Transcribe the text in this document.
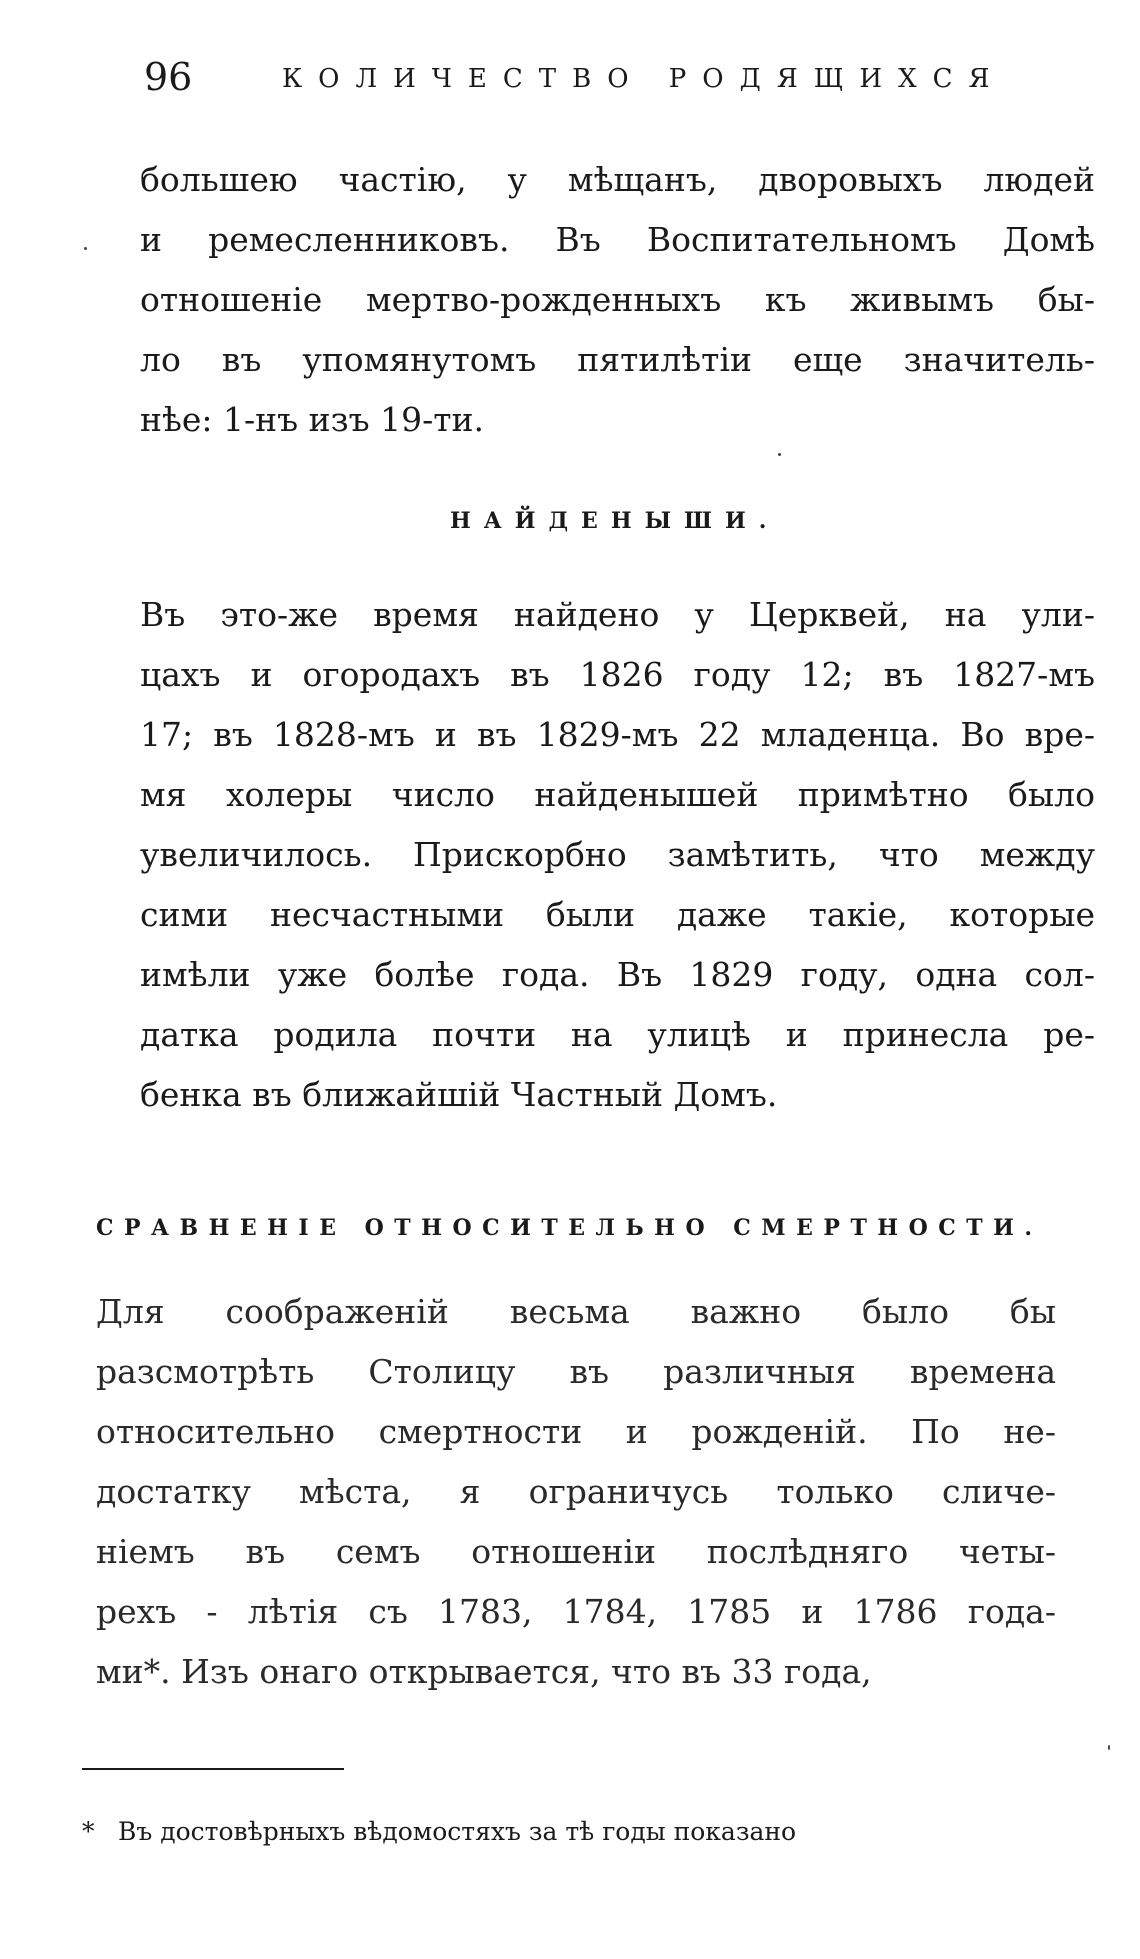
96	КОЛИЧЕСТВО РОДЯЩИХСЯ

большею частію, у мѣщанъ, дворовыхъ людей
и ремесленниковъ. Въ Воспитательномъ Домѣ
отношеніе мертво-рожденныхъ къ живымъ бы-
ло въ упомянутомъ пятилѣтіи еще значитель-
нѣе: 1-нъ изъ 19-ти.

НАЙДЕНЫШИ.

Въ это-же время найдено у Церквей, на ули-
цахъ и огородахъ въ 1826 году 12; въ 1827-мъ
17; въ 1828-мъ и въ 1829-мъ 22 младенца. Во вре-
мя холеры число найденышей примѣтно было
увеличилось. Прискорбно замѣтить, что между
сими несчастными были даже такіе, которые
имѣли уже болѣе года. Въ 1829 году, одна сол-
датка родила почти на улицѣ и принесла ре-
бенка въ ближайшій Частный Домъ.

СРАВНЕНІЕ ОТНОСИТЕЛЬНО СМЕРТНОСТИ.

Для соображеній весьма важно было бы
разсмотрѣть Столицу въ различныя времена
относительно смертности и рожденій. По не-
достатку мѣста, я ограничусь только сличе-
ніемъ въ семъ отношеніи послѣдняго четы-
рехъ - лѣтія съ 1783, 1784, 1785 и 1786 года-
ми*. Изъ онаго открывается, что въ 33 года,

* Въ достовѣрныхъ вѣдомостяхъ за тѣ годы показано
